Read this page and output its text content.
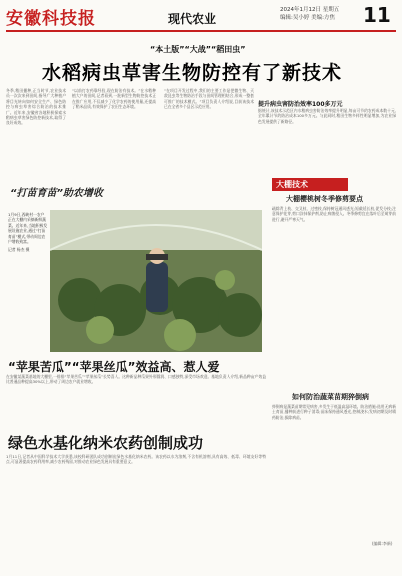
安徽科技报	现代农业
2024年1月12日 星期五
编辑:吴小婷 美编:方焦 11
“本土版”“大战”“稻田虫”
水稻病虫草害生物防控有了新技术
冬季,稻田播种,正当时节,农业技术员一次次来到田间,指导广大种植户将目光转向如何安全生产、绿色防控与病虫草害综合防治的技术推广。近年来,安徽省各地积极探索水稻病虫草害绿色防控新技术,取得了良好成效。
“以前打农药靠经验,现在防治有技术。”在水稻种植大户的田间,记者看到,一批新型生物防控技术正在推广应用,不仅减少了化学农药的使用量,还提高了稻米品质,有效保护了农田生态环境。
“在项目开发过程中,我们的主要工作是把微生物、天敌昆虫等生物防治手段与田间管理相结合,形成一整套可推广的技术模式。”项目负责人介绍说,目前该技术已在全省多个县区示范应用。	提升病虫害防治效率100多万元
据统计,该技术示范区内水稻病虫害防治效率提升明显,每亩可节约农药成本数十元,全年累计节约防治成本100多万元。与此同时,稻田生物多样性明显增加,为农业绿色发展提供了新路径。
“打苗育苗”助农增收
1月9日,西峡村一农户正在大棚内采摘新鲜蔬菜。近年来,当地积极发展设施农业,通过“打苗育苗”模式,带动周边农户增收致富。
记者 杨杰 摄
“苹果苦瓜”“苹果丝瓜”效益高、惹人爱
在安徽某蔬菜基地的大棚里,一排排“苹果苦瓜”“苹果丝瓜”长势喜人。这种新品种瓜果外形圆润、口感独特,深受市场欢迎。基地负责人介绍,新品种亩产效益比普通品种提高30%以上,带动了周边农户就业增收。
绿色水基化纳米农药创制成功
1月11日,记者从中国科学技术大学获悉,该校科研团队成功创制出绿色水基化纳米农药。该农药以水为溶剂,不含有机溶剂,具有高效、低毒、环境友好等特点,可显著提高农药利用率,减少农药残留,对推动农业绿色发展具有重要意义。
大棚技术
大棚樱桃树冬季修剪要点
疏除背上枝、交叉枝、过密枝,保持树冠通风透光;短截延长枝,促发分枝;注意保护花芽,剪口涂抹保护剂,防止病菌侵入。冬季修剪宜在落叶后至萌芽前进行,避开严寒天气。
如何防治蔬菜苗期猝倒病
猝倒病是蔬菜苗期常见病害,多发生于低温高湿环境。防治措施:选用无病新土育苗,播种前进行种子消毒;苗床保持通风透光,控制浇水;发病初期及时喷药防治,拔除病苗。
(编辑:李新)
